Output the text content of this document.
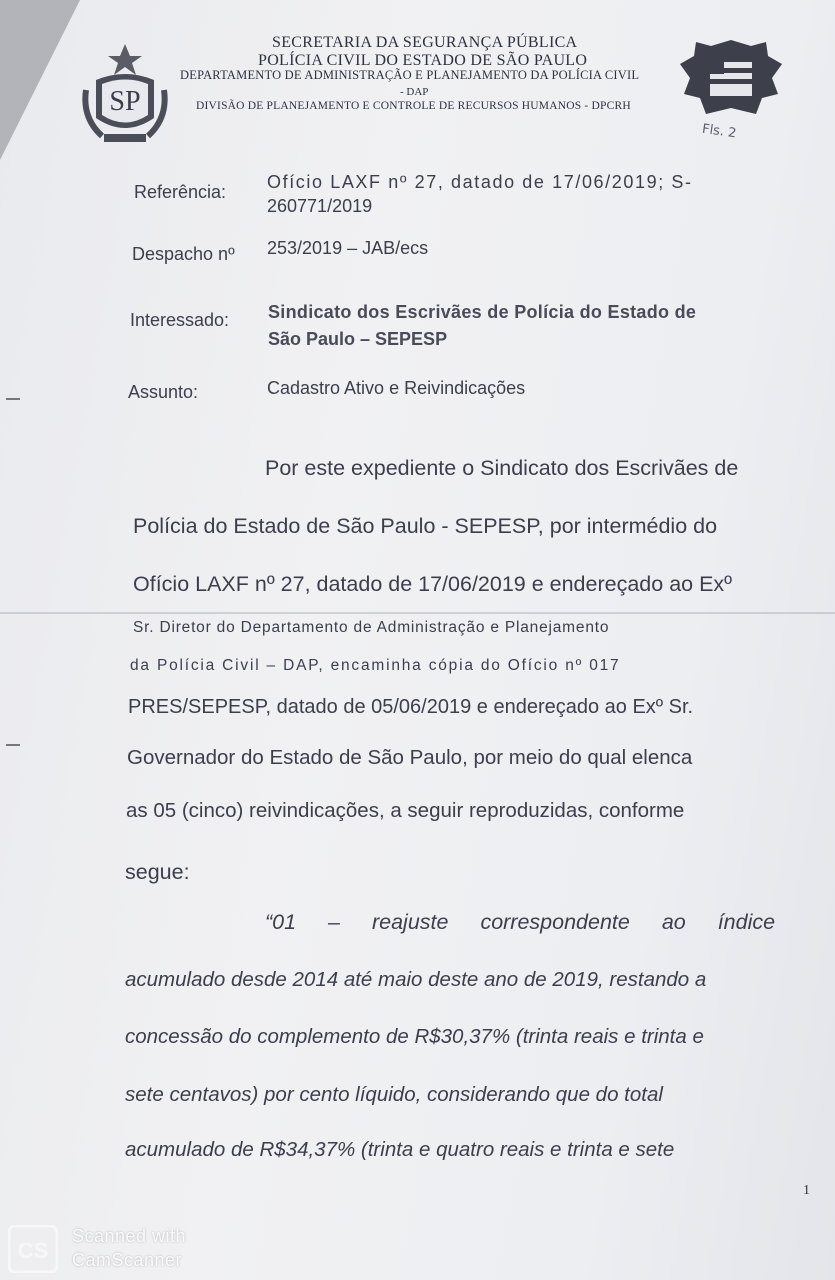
SP
Fls. 2
SECRETARIA DA SEGURANÇA PÚBLICA
POLÍCIA CIVIL DO ESTADO DE SÃO PAULO
DEPARTAMENTO DE ADMINISTRAÇÃO E PLANEJAMENTO DA POLÍCIA CIVIL
- DAP
DIVISÃO DE PLANEJAMENTO E CONTROLE DE RECURSOS HUMANOS - DPCRH
Referência: Ofício LAXF nº 27, datado de 17/06/2019; S-
260771/2019
Despacho nº 253/2019 – JAB/ecs
Interessado: Sindicato dos Escrivães de Polícia do Estado de
São Paulo – SEPESP
Assunto:	Cadastro Ativo e Reivindicações
Por este expediente o Sindicato dos Escrivães de
Polícia do Estado de São Paulo - SEPESP, por intermédio do
Ofício LAXF nº 27, datado de 17/06/2019 e endereçado ao Exº
Sr. Diretor do Departamento de Administração e Planejamento
da Polícia Civil – DAP, encaminha cópia do Ofício nº 017
PRES/SEPESP, datado de 05/06/2019 e endereçado ao Exº Sr.
Governador do Estado de São Paulo, por meio do qual elenca
as 05 (cinco) reivindicações, a seguir reproduzidas, conforme
segue:
“01 – reajuste correspondente ao índice
acumulado desde 2014 até maio deste ano de 2019, restando a
concessão do complemento de R$30,37% (trinta reais e trinta e
sete centavos) por cento líquido, considerando que do total
acumulado de R$34,37% (trinta e quatro reais e trinta e sete
1
CS
Scanned with
CamScanner
